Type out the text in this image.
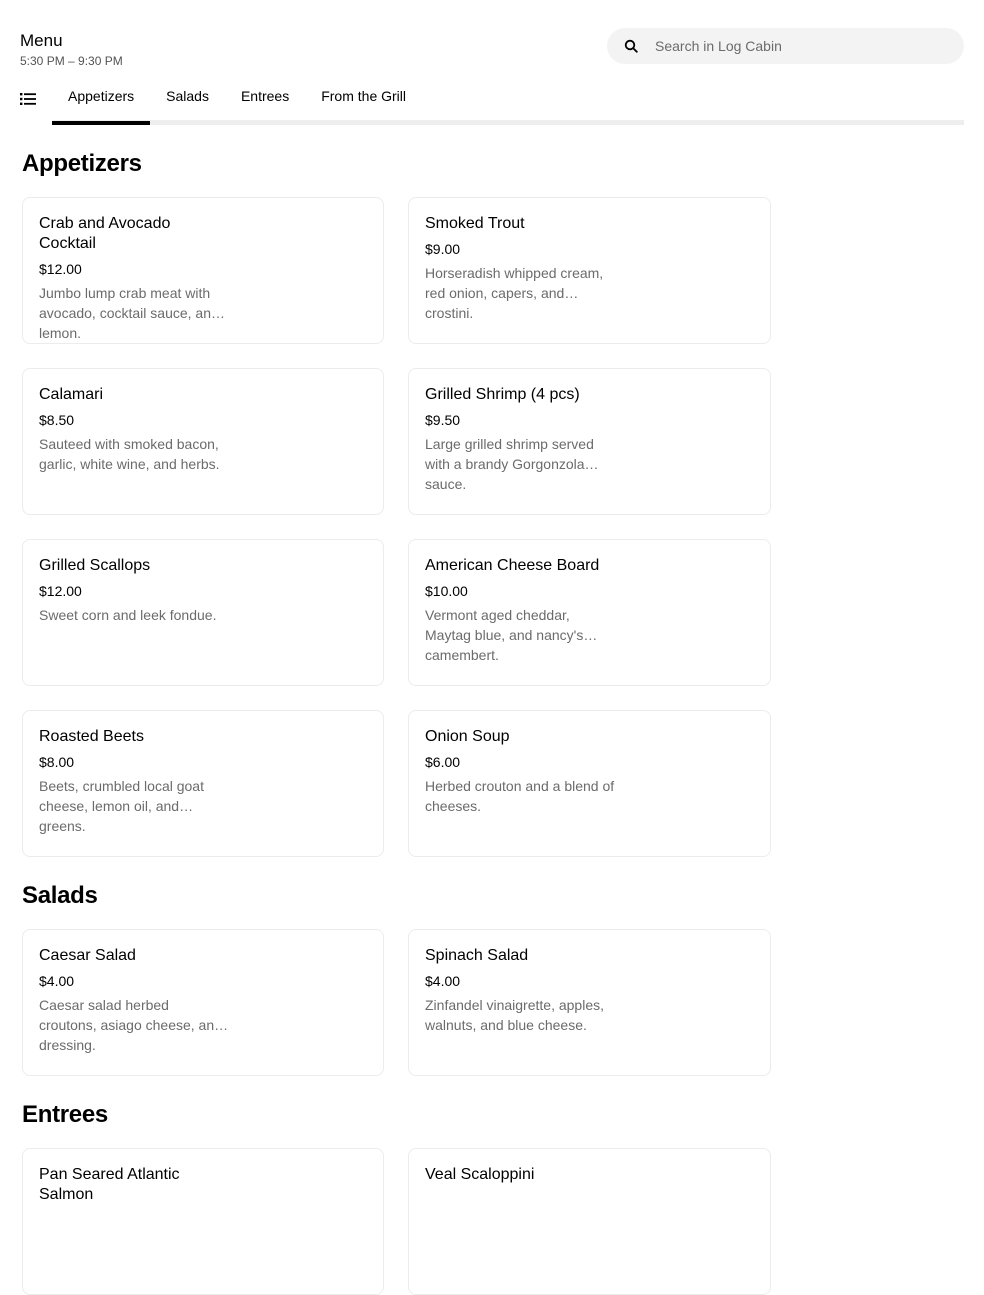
Menu
5:30 PM – 9:30 PM
Search in Log Cabin
Appetizers	Salads	Entrees	From the Grill
Appetizers
Crab and Avocado Cocktail
$12.00
Jumbo lump crab meat with avocado, cocktail sauce, and lemon.
Smoked Trout
$9.00
Horseradish whipped cream, red onion, capers, and crostini.
Calamari
$8.50
Sauteed with smoked bacon, garlic, white wine, and herbs.
Grilled Shrimp (4 pcs)
$9.50
Large grilled shrimp served with a brandy Gorgonzola sauce.
Grilled Scallops
$12.00
Sweet corn and leek fondue.
American Cheese Board
$10.00
Vermont aged cheddar, Maytag blue, and nancy's camembert.
Roasted Beets
$8.00
Beets, crumbled local goat cheese, lemon oil, and greens.
Onion Soup
$6.00
Herbed crouton and a blend of cheeses.
Salads
Caesar Salad
$4.00
Caesar salad herbed croutons, asiago cheese, and dressing.
Spinach Salad
$4.00
Zinfandel vinaigrette, apples, walnuts, and blue cheese.
Entrees
Pan Seared Atlantic Salmon
Veal Scaloppini
